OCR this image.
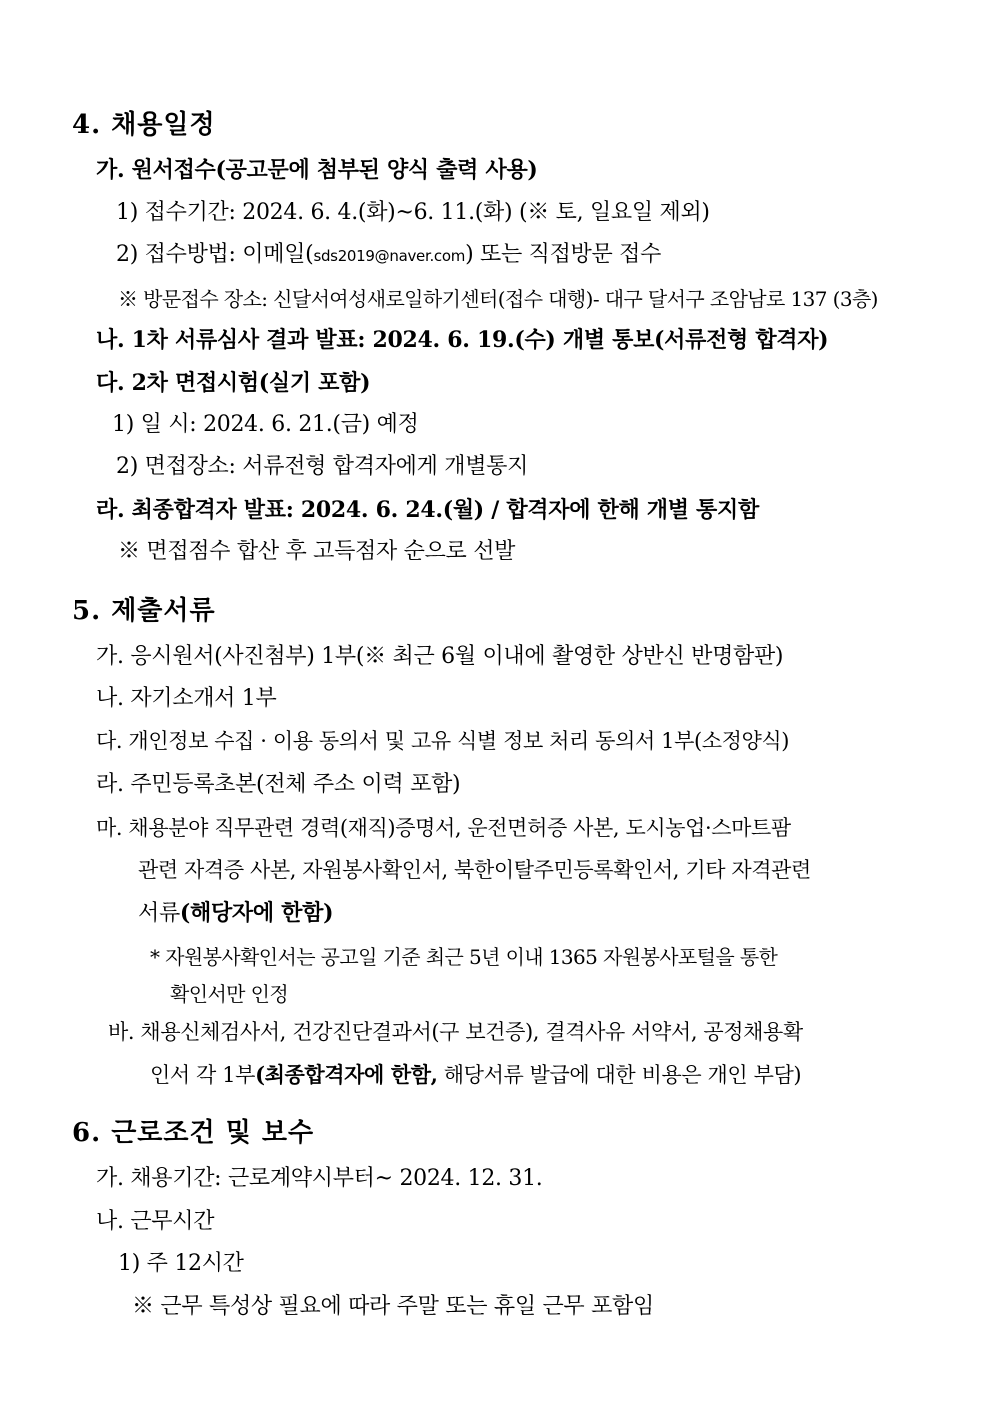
4. 채용일정
가. 원서접수(공고문에 첨부된 양식 출력 사용)
1) 접수기간: 2024. 6. 4.(화)~6. 11.(화) (※ 토, 일요일 제외)
2) 접수방법: 이메일(sds2019@naver.com) 또는 직접방문 접수
※ 방문접수 장소: 신달서여성새로일하기센터(접수 대행)- 대구 달서구 조암남로 137 (3층)
나. 1차 서류심사 결과 발표: 2024. 6. 19.(수) 개별 통보(서류전형 합격자)
다. 2차 면접시험(실기 포함)
1) 일 시: 2024. 6. 21.(금) 예정
2) 면접장소: 서류전형 합격자에게 개별통지
라. 최종합격자 발표: 2024. 6. 24.(월) / 합격자에 한해 개별 통지함
※ 면접점수 합산 후 고득점자 순으로 선발
5. 제출서류
가. 응시원서(사진첨부) 1부(※ 최근 6월 이내에 촬영한 상반신 반명함판)
나. 자기소개서 1부
다. 개인정보 수집 · 이용 동의서 및 고유 식별 정보 처리 동의서 1부(소정양식)
라. 주민등록초본(전체 주소 이력 포함)
마. 채용분야 직무관련 경력(재직)증명서, 운전면허증 사본, 도시농업·스마트팜
관련 자격증 사본, 자원봉사확인서, 북한이탈주민등록확인서, 기타 자격관련
서류(해당자에 한함)
* 자원봉사확인서는 공고일 기준 최근 5년 이내 1365 자원봉사포털을 통한
확인서만 인정
바. 채용신체검사서, 건강진단결과서(구 보건증), 결격사유 서약서, 공정채용확
인서 각 1부(최종합격자에 한함, 해당서류 발급에 대한 비용은 개인 부담)
6. 근로조건 및 보수
가. 채용기간: 근로계약시부터~ 2024. 12. 31.
나. 근무시간
1) 주 12시간
※ 근무 특성상 필요에 따라 주말 또는 휴일 근무 포함임
